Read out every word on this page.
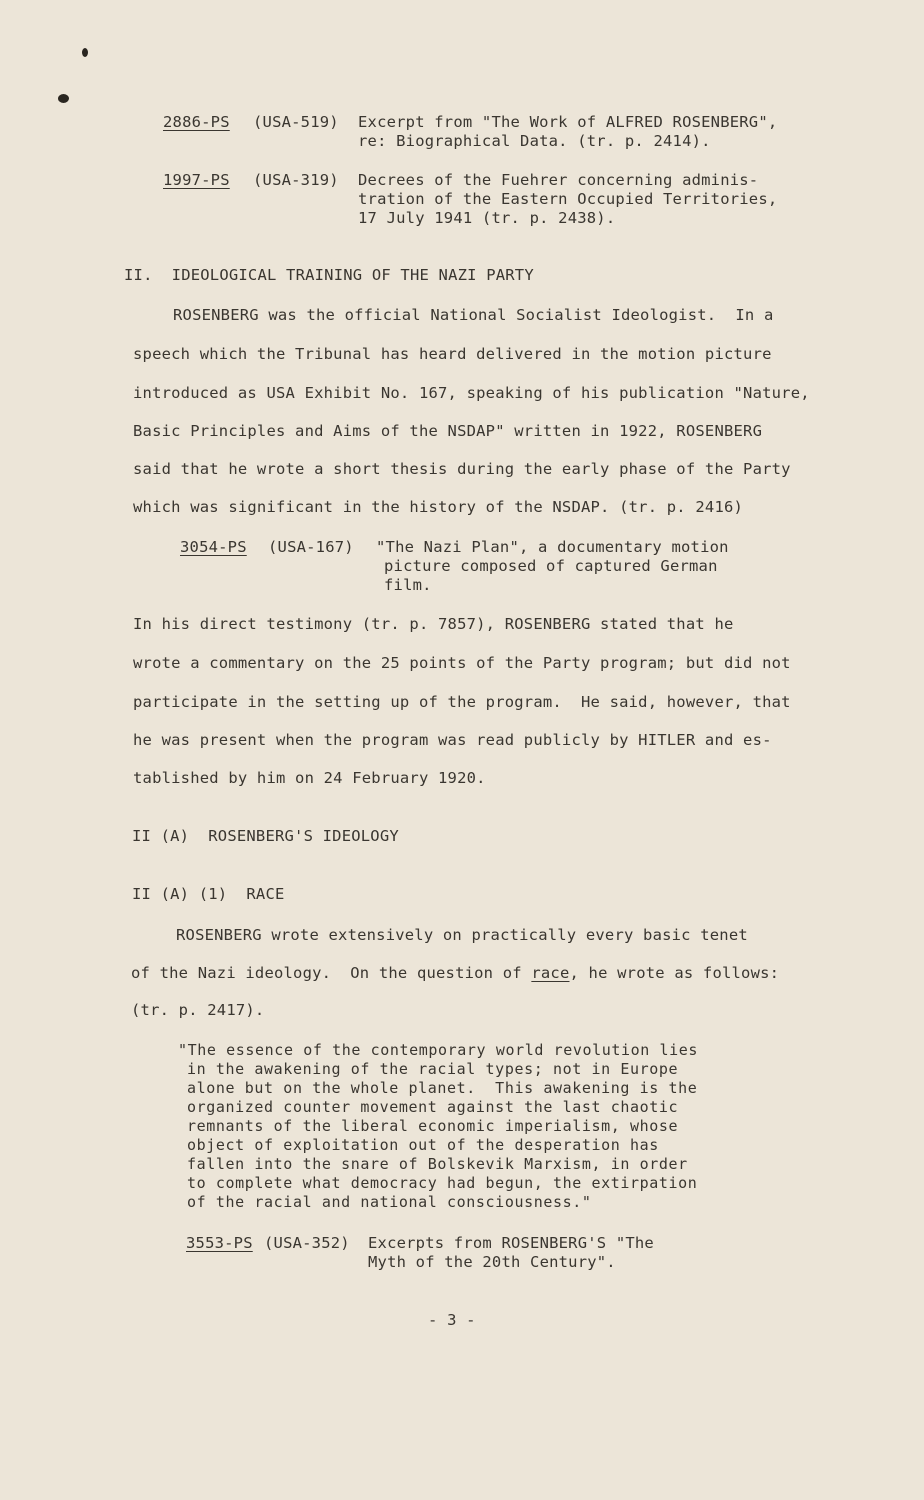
2886-PS (USA-519) Excerpt from "The Work of ALFRED ROSENBERG",
re: Biographical Data. (tr. p. 2414).
1997-PS (USA-319) Decrees of the Fuehrer concerning adminis-
tration of the Eastern Occupied Territories,
17 July 1941 (tr. p. 2438).
II.  IDEOLOGICAL TRAINING OF THE NAZI PARTY
ROSENBERG was the official National Socialist Ideologist.  In a
speech which the Tribunal has heard delivered in the motion picture
introduced as USA Exhibit No. 167, speaking of his publication "Nature,
Basic Principles and Aims of the NSDAP" written in 1922, ROSENBERG
said that he wrote a short thesis during the early phase of the Party
which was significant in the history of the NSDAP. (tr. p. 2416)
3054-PS (USA-167) "The Nazi Plan", a documentary motion
picture composed of captured German
film.
In his direct testimony (tr. p. 7857), ROSENBERG stated that he
wrote a commentary on the 25 points of the Party program; but did not
participate in the setting up of the program.  He said, however, that
he was present when the program was read publicly by HITLER and es-
tablished by him on 24 February 1920.
II (A)  ROSENBERG'S IDEOLOGY
II (A) (1)  RACE
ROSENBERG wrote extensively on practically every basic tenet
of the Nazi ideology.  On the question of race, he wrote as follows:
(tr. p. 2417).
"The essence of the contemporary world revolution lies
in the awakening of the racial types; not in Europe
alone but on the whole planet.  This awakening is the
organized counter movement against the last chaotic
remnants of the liberal economic imperialism, whose
object of exploitation out of the desperation has
fallen into the snare of Bolskevik Marxism, in order
to complete what democracy had begun, the extirpation
of the racial and national consciousness."
3553-PS (USA-352) Excerpts from ROSENBERG'S "The
Myth of the 20th Century".
- 3 -
